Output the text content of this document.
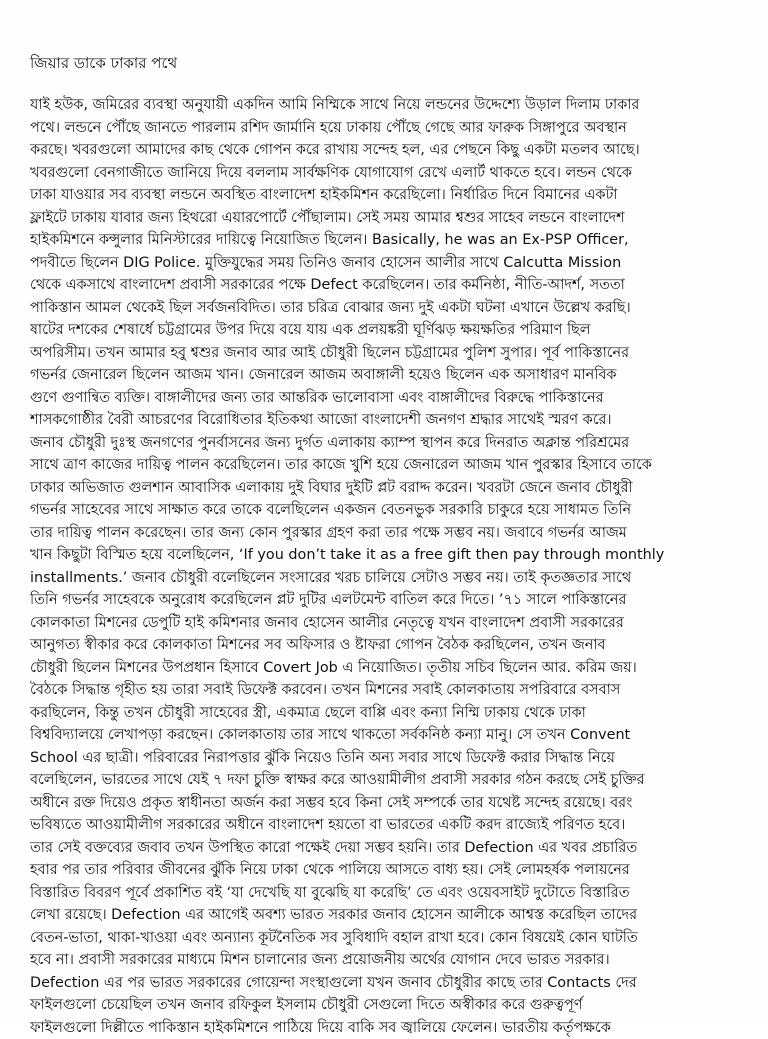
জিয়ার ডাকে ঢাকার পথে
যাই হউক, জমিরের ব্যবস্থা অনুযায়ী একদিন আমি নিম্মিকে সাথে নিয়ে লন্ডনের উদ্দেশ্যে উড়াল দিলাম ঢাকার
পথে। লন্ডনে পৌঁছে জানতে পারলাম রশিদ জার্মানি হয়ে ঢাকায় পৌঁছে গেছে আর ফারুক সিঙ্গাপুরে অবস্থান
করছে। খবরগুলো আমাদের কাছ থেকে গোপন করে রাখায় সন্দেহ হল, এর পেছনে কিছু একটা মতলব আছে।
খবরগুলো বেনগাজীতে জানিয়ে দিয়ে বললাম সার্বক্ষণিক যোগাযোগ রেখে এলার্ট থাকতে হবে। লন্ডন থেকে
ঢাকা যাওয়ার সব ব্যবস্থা লন্ডনে অবস্থিত বাংলাদেশ হাইকমিশন করেছিলো। নির্ধারিত দিনে বিমানের একটা
ফ্লাইটে ঢাকায় যাবার জন্য হিথরো এয়ারপোর্টে পৌঁছালাম। সেই সময় আমার শ্বশুর সাহেব লন্ডনে বাংলাদেশ
হাইকমিশনে কন্সুলার মিনিস্টারের দায়িত্বে নিয়োজিত ছিলেন। Basically, he was an Ex-PSP Officer,
পদবীতে ছিলেন DIG Police. মুক্তিযুদ্ধের সময় তিনিও জনাব হোসেন আলীর সাথে Calcutta Mission
থেকে একসাথে বাংলাদেশ প্রবাসী সরকারের পক্ষে Defect করেছিলেন। তার কর্মনিষ্ঠা, নীতি-আদর্শ, সততা
পাকিস্তান আমল থেকেই ছিল সর্বজনবিদিত। তার চরিত্র বোঝার জন্য দুই একটা ঘটনা এখানে উল্লেখ করছি।
ষাটের দশকের শেষার্ধে চট্টগ্রামের উপর দিয়ে বয়ে যায় এক প্রলয়ঙ্করী ঘূর্ণিঝড় ক্ষয়ক্ষতির পরিমাণ ছিল
অপরিসীম। তখন আমার হবু শ্বশুর জনাব আর আই চৌধুরী ছিলেন চট্টগ্রামের পুলিশ সুপার। পূর্ব পাকিস্তানের
গভর্নর জেনারেল ছিলেন আজম খান। জেনারেল আজম অবাঙ্গালী হয়েও ছিলেন এক অসাধারণ মানবিক
গুণে গুণান্বিত ব্যক্তি। বাঙ্গালীদের জন্য তার আন্তরিক ভালোবাসা এবং বাঙ্গালীদের বিরুদ্ধে পাকিস্তানের
শাসকগোষ্ঠীর বৈরী আচরণের বিরোধিতার ইতিকথা আজো বাংলাদেশী জনগণ শ্রদ্ধার সাথেই স্মরণ করে।
জনাব চৌধুরী দুঃস্থ জনগণের পুনর্বাসনের জন্য দুর্গত এলাকায় ক্যাম্প স্থাপন করে দিনরাত অক্লান্ত পরিশ্রমের
সাথে ত্রাণ কাজের দায়িত্ব পালন করেছিলেন। তার কাজে খুশি হয়ে জেনারেল আজম খান পুরস্কার হিসাবে তাকে
ঢাকার অভিজাত গুলশান আবাসিক এলাকায় দুই বিঘার দুইটি প্লট বরাদ্দ করেন। খবরটা জেনে জনাব চৌধুরী
গভর্নর সাহেবের সাথে সাক্ষাত করে তাকে বলেছিলেন একজন বেতনভুক সরকারি চাকুরে হয়ে সাধামত তিনি
তার দায়িত্ব পালন করেছেন। তার জন্য কোন পুরস্কার গ্রহণ করা তার পক্ষে সম্ভব নয়। জবাবে গভর্নর আজম
খান কিছুটা বিস্মিত হয়ে বলেছিলেন, ‘If you don’t take it as a free gift then pay through monthly
installments.’ জনাব চৌধুরী বলেছিলেন সংসারের খরচ চালিয়ে সেটাও সম্ভব নয়। তাই কৃতজ্ঞতার সাথে
তিনি গভর্নর সাহেবকে অনুরোধ করেছিলেন প্লট দুটির এলটমেন্ট বাতিল করে দিতে। ’৭১ সালে পাকিস্তানের
কোলকাতা মিশনের ডেপুটি হাই কমিশনার জনাব হোসেন আলীর নেতৃত্বে যখন বাংলাদেশ প্রবাসী সরকারের
আনুগত্য স্বীকার করে কোলকাতা মিশনের সব অফিসার ও ষ্টাফরা গোপন বৈঠক করছিলেন, তখন জনাব
চৌধুরী ছিলেন মিশনের উপপ্রধান হিসাবে Covert Job এ নিয়োজিত। তৃতীয় সচিব ছিলেন আর. করিম জয়।
বৈঠকে সিদ্ধান্ত গৃহীত হয় তারা সবাই ডিফেক্ট করবেন। তখন মিশনের সবাই কোলকাতায় সপরিবারে বসবাস
করছিলেন, কিন্তু তখন চৌধুরী সাহেবের স্ত্রী, একমাত্র ছেলে বাপ্পি এবং কন্যা নিম্মি ঢাকায় থেকে ঢাকা
বিশ্ববিদ্যালয়ে লেখাপড়া করছেন। কোলকাতায় তার সাথে থাকতো সর্বকনিষ্ঠ কন্যা মানু। সে তখন Convent
School এর ছাত্রী। পরিবারের নিরাপত্তার ঝুঁকি নিয়েও তিনি অন্য সবার সাথে ডিফেক্ট করার সিদ্ধান্ত নিয়ে
বলেছিলেন, ভারতের সাথে যেই ৭ দফা চুক্তি স্বাক্ষর করে আওয়ামীলীগ প্রবাসী সরকার গঠন করছে সেই চুক্তির
অধীনে রক্ত দিয়েও প্রকৃত স্বাধীনতা অর্জন করা সম্ভব হবে কিনা সেই সম্পর্কে তার যথেষ্ট সন্দেহ রয়েছে। বরং
ভবিষ্যতে আওয়ামীলীগ সরকারের অধীনে বাংলাদেশ হয়তো বা ভারতের একটি করদ রাজ্যেই পরিণত হবে।
তার সেই বক্তব্যের জবাব তখন উপস্থিত কারো পক্ষেই দেয়া সম্ভব হয়নি। তার Defection এর খবর প্রচারিত
হবার পর তার পরিবার জীবনের ঝুঁকি নিয়ে ঢাকা থেকে পালিয়ে আসতে বাধ্য হয়। সেই লোমহর্ষক পলায়নের
বিস্তারিত বিবরণ পূর্বে প্রকাশিত বই ‘যা দেখেছি যা বুঝেছি যা করেছি’ তে এবং ওয়েবসাইট দুটোতে বিস্তারিত
লেখা রয়েছে। Defection এর আগেই অবশ্য ভারত সরকার জনাব হোসেন আলীকে আশ্বস্ত করেছিল তাদের
বেতন-ভাতা, থাকা-খাওয়া এবং অন্যান্য কূটনৈতিক সব সুবিধাদি বহাল রাখা হবে। কোন বিষয়েই কোন ঘাটতি
হবে না। প্রবাসী সরকারের মাধ্যমে মিশন চালানোর জন্য প্রয়োজনীয় অর্থের যোগান দেবে ভারত সরকার।
Defection এর পর ভারত সরকারের গোয়েন্দা সংস্থাগুলো যখন জনাব চৌধুরীর কাছে তার Contacts দের
ফাইলগুলো চেয়েছিল তখন জনাব রফিকুল ইসলাম চৌধুরী সেগুলো দিতে অস্বীকার করে গুরুত্বপূর্ণ
ফাইলগুলো দিল্লীতে পাকিস্তান হাইকমিশনে পাঠিয়ে দিয়ে বাকি সব জ্বালিয়ে ফেলেন। ভারতীয় কর্তৃপক্ষকে
